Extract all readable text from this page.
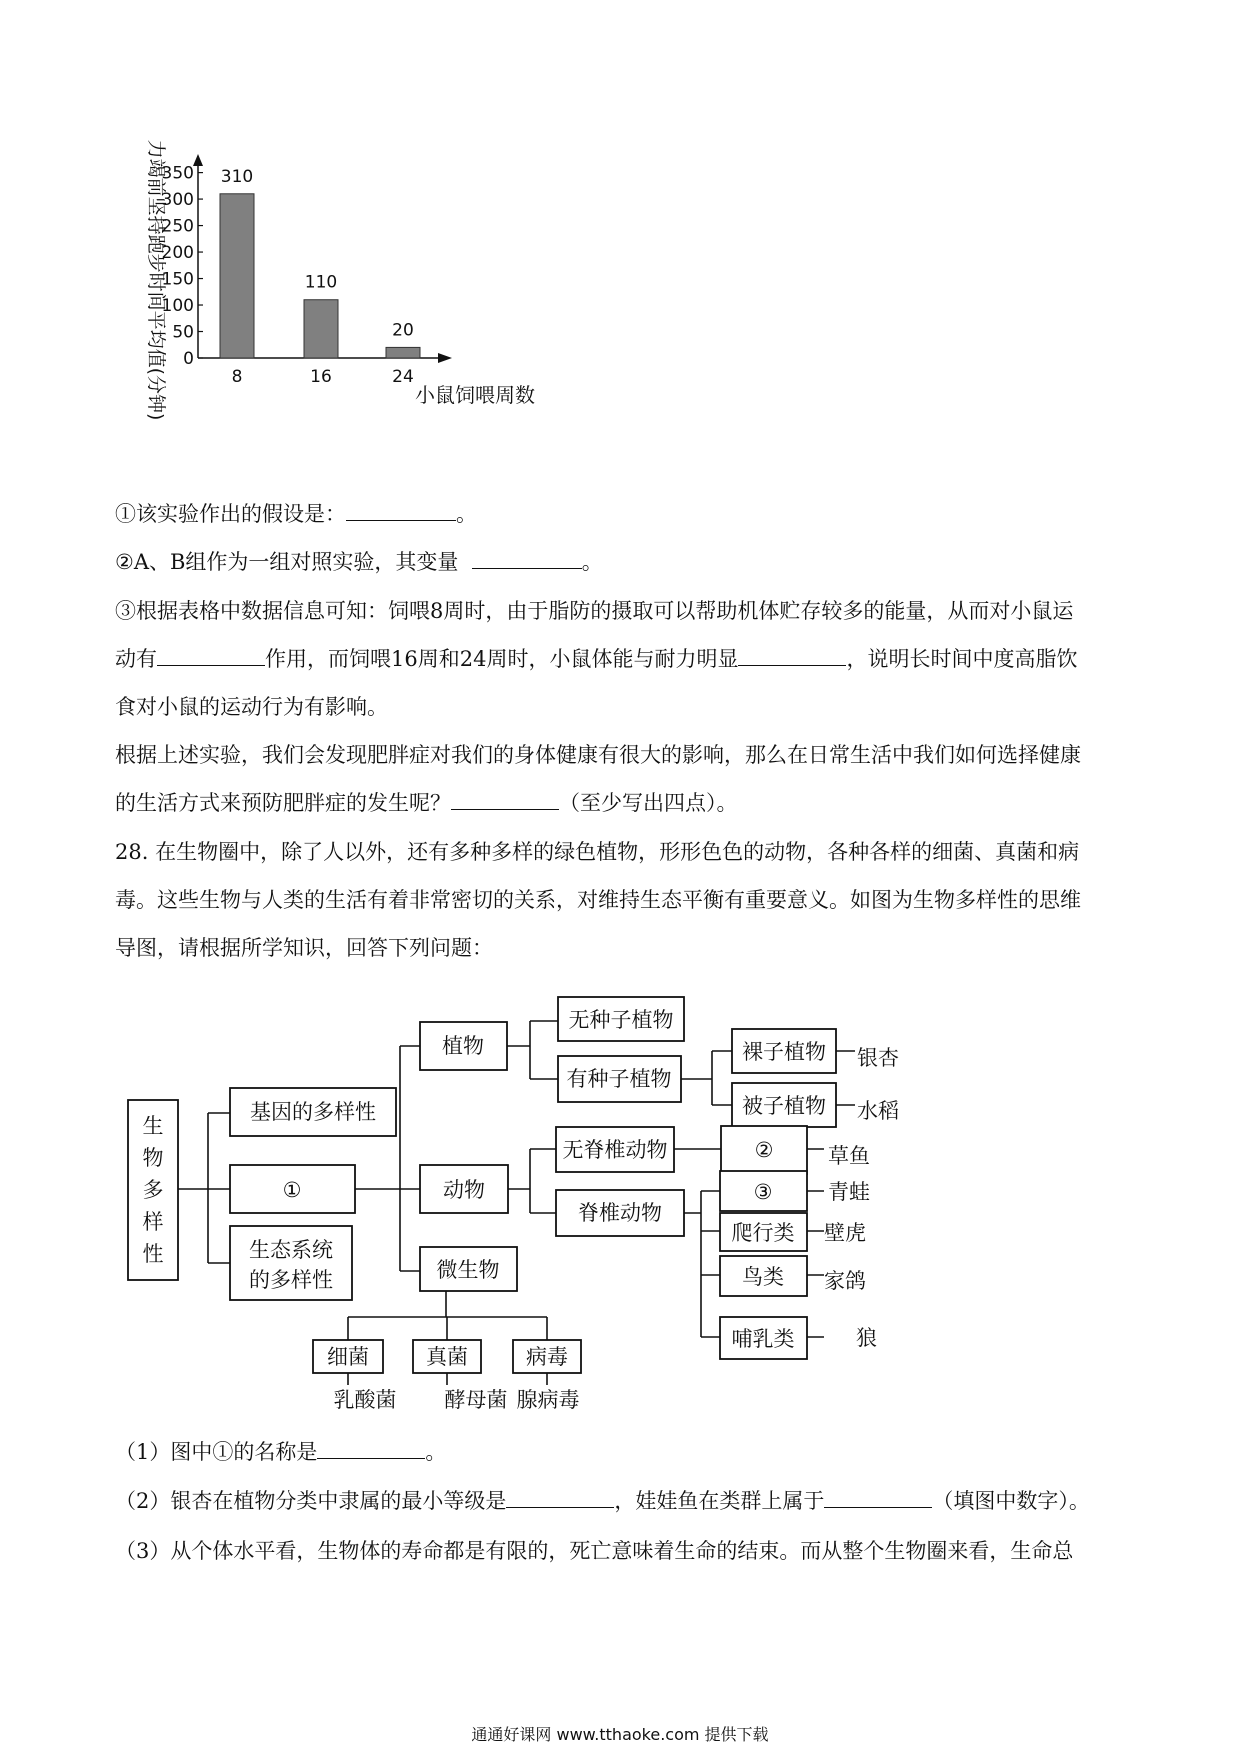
力竭前坚持跑步时间平均值(分钟) 0
50
100
150
200
250
300
350 310
8
110
16
20
24
小鼠饲喂周数

①该实验作出的假设是：	。

②A、B组作为一组对照实验，其变量	。

③根据表格中数据信息可知：饲喂8周时，由于脂防的摄取可以帮助机体贮存较多的能量，从而对小鼠运
动有	作用，而饲喂16周和24周时，小鼠体能与耐力明显	，说明长时间中度高脂饮
食对小鼠的运动行为有影响。

根据上述实验，我们会发现肥胖症对我们的身体健康有很大的影响，那么在日常生活中我们如何选择健康
的生活方式来预防肥胖症的发生呢？	（至少写出四点）。

28. 在生物圈中，除了人以外，还有多种多样的绿色植物，形形色色的动物，各种各样的细菌、真菌和病
毒。这些生物与人类的生活有着非常密切的关系，对维持生态平衡有重要意义。如图为生物多样性的思维
导图，请根据所学知识，回答下列问题：

生
物
多
样
性
基因的多样性
①
生态系统
的多样性
植物
动物
微生物
无种子植物
有种子植物
裸子植物
被子植物
银杏
水稻
无脊椎动物
脊椎动物
②
③
爬行类
鸟类
哺乳类
草鱼
青蛙
壁虎
家鸽
狼
细菌	真菌	病毒
乳酸菌 酵母菌 腺病毒

（1）图中①的名称是	。

（2）银杏在植物分类中隶属的最小等级是	，娃娃鱼在类群上属于	（填图中数字）。

（3）从个体水平看，生物体的寿命都是有限的，死亡意味着生命的结束。而从整个生物圈来看，生命总

通通好课网 www.tthaoke.com 提供下载
